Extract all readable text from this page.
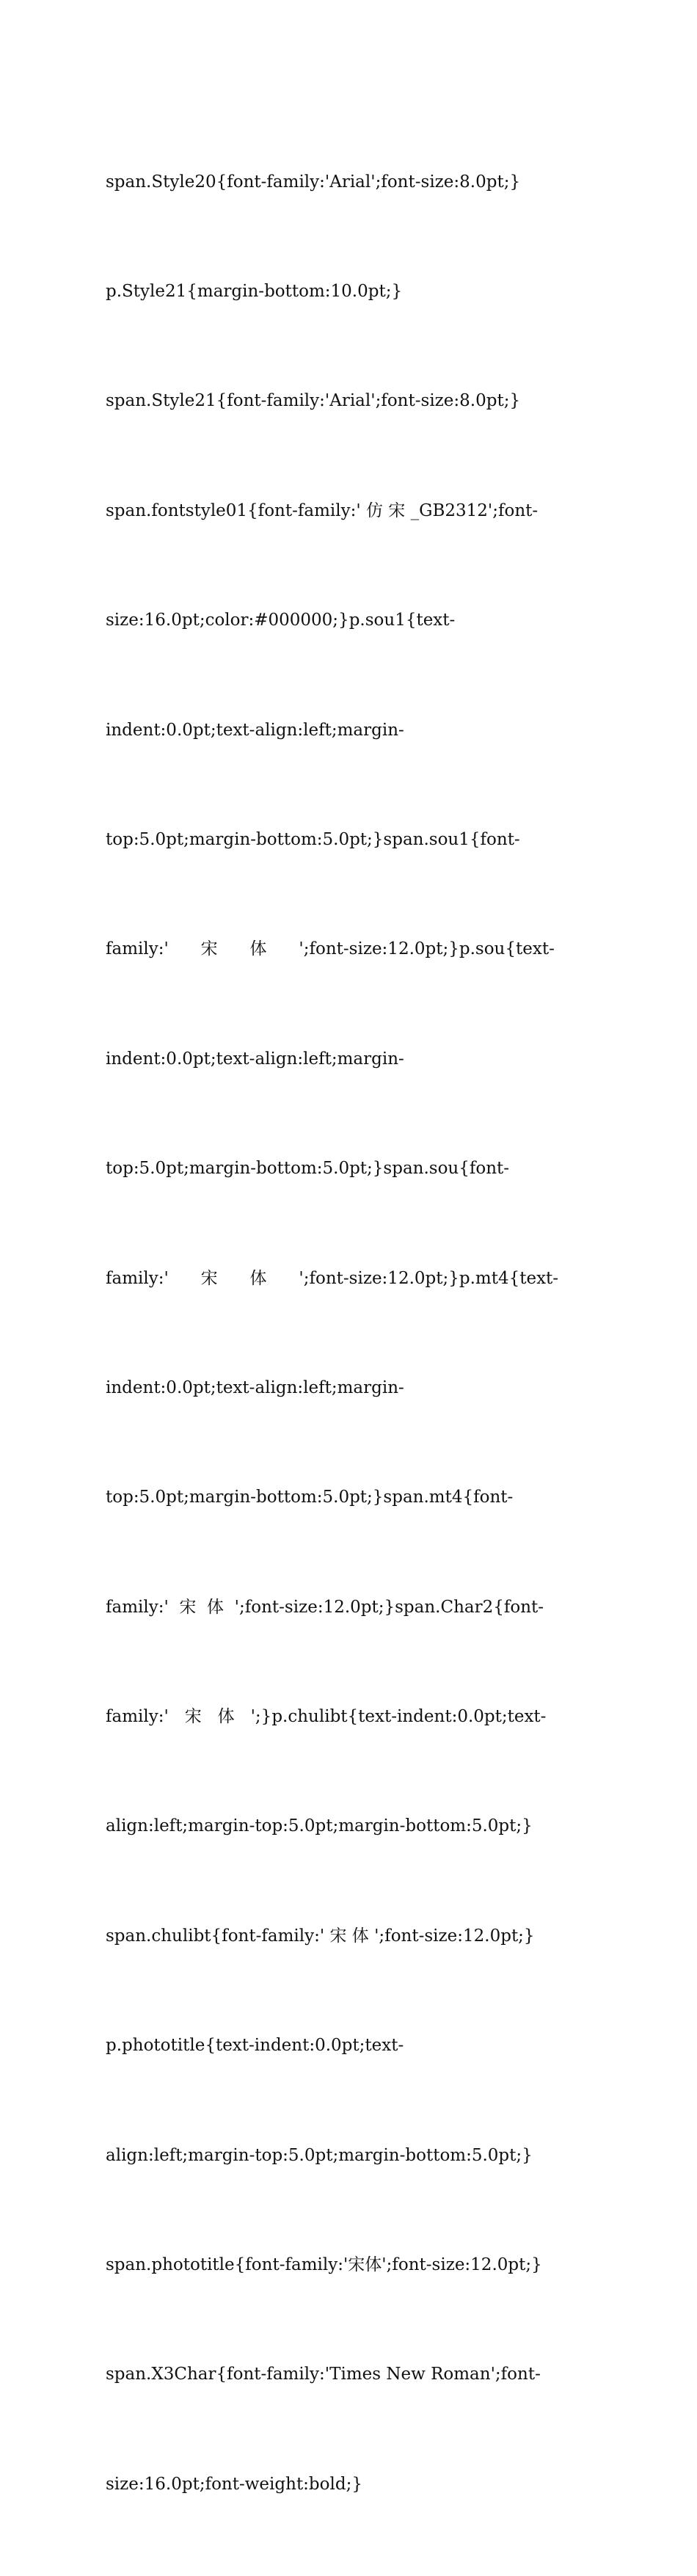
span.Style20{font-family:'Arial';font-size:8.0pt;}

p.Style21{margin-bottom:10.0pt;}

span.Style21{font-family:'Arial';font-size:8.0pt;}

span.fontstyle01{font-family:' 仿 宋 _GB2312';font-

size:16.0pt;color:#000000;}p.sou1{text-

indent:0.0pt;text-align:left;margin-

top:5.0pt;margin-bottom:5.0pt;}span.sou1{font-

family:'      宋      体      ';font-size:12.0pt;}p.sou{text-

indent:0.0pt;text-align:left;margin-

top:5.0pt;margin-bottom:5.0pt;}span.sou{font-

family:'      宋      体      ';font-size:12.0pt;}p.mt4{text-

indent:0.0pt;text-align:left;margin-

top:5.0pt;margin-bottom:5.0pt;}span.mt4{font-

family:'  宋  体  ';font-size:12.0pt;}span.Char2{font-

family:'   宋   体   ';}p.chulibt{text-indent:0.0pt;text-

align:left;margin-top:5.0pt;margin-bottom:5.0pt;}

span.chulibt{font-family:' 宋 体 ';font-size:12.0pt;}

p.phototitle{text-indent:0.0pt;text-

align:left;margin-top:5.0pt;margin-bottom:5.0pt;}

span.phototitle{font-family:'宋体';font-size:12.0pt;}

span.X3Char{font-family:'Times New Roman';font-

size:16.0pt;font-weight:bold;}
